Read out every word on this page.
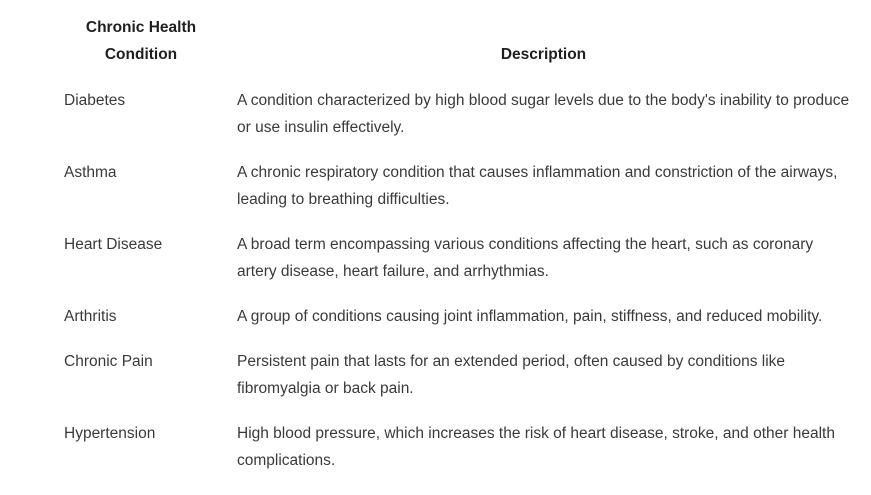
Chronic Health Condition	Description
Diabetes	A condition characterized by high blood sugar levels due to the body's inability to produce or use insulin effectively.
Asthma	A chronic respiratory condition that causes inflammation and constriction of the airways, leading to breathing difficulties.
Heart Disease	A broad term encompassing various conditions affecting the heart, such as coronary artery disease, heart failure, and arrhythmias.
Arthritis	A group of conditions causing joint inflammation, pain, stiffness, and reduced mobility.
Chronic Pain	Persistent pain that lasts for an extended period, often caused by conditions like fibromyalgia or back pain.
Hypertension	High blood pressure, which increases the risk of heart disease, stroke, and other health complications.
